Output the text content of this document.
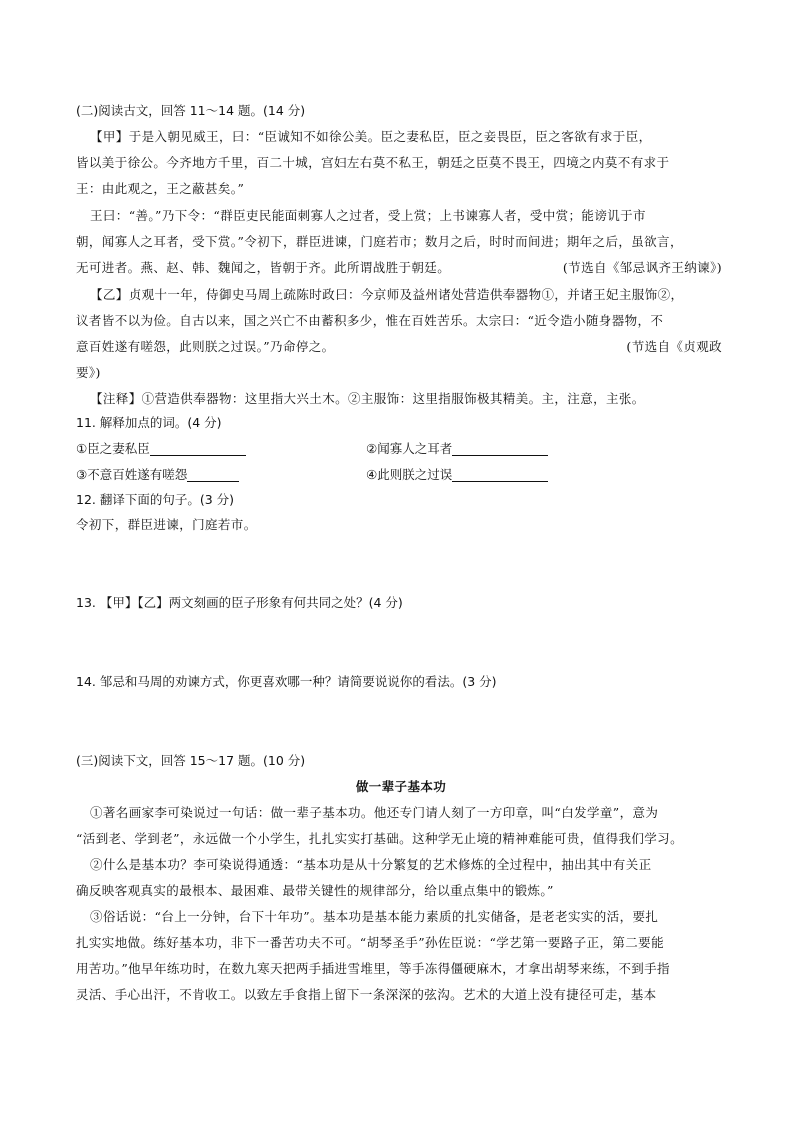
(二)阅读古文，回答 11～14 题。(14 分)
【甲】于是入朝见威王，曰：“臣诚知不如徐公美。臣之妻私臣，臣之妾畏臣，臣之客欲有求于臣，
皆以美于徐公。今齐地方千里，百二十城，宫妇左右莫不私王，朝廷之臣莫不畏王，四境之内莫不有求于
王：由此观之，王之蔽甚矣。”
王曰：“善。”乃下令：“群臣吏民能面刺寡人之过者，受上赏；上书谏寡人者，受中赏；能谤讥于市
朝，闻寡人之耳者，受下赏。”令初下，群臣进谏，门庭若市；数月之后，时时而间进；期年之后，虽欲言，
无可进者。燕、赵、韩、魏闻之，皆朝于齐。此所谓战胜于朝廷。	(节选自《邹忌讽齐王纳谏》)
【乙】贞观十一年，侍御史马周上疏陈时政曰：今京师及益州诸处营造供奉器物①，并诸王妃主服饰②，
议者皆不以为俭。自古以来，国之兴亡不由蓄积多少，惟在百姓苦乐。太宗曰：“近令造小随身器物，不
意百姓遂有嗟怨，此则朕之过误。”乃命停之。	(节选自《贞观政
要》)
【注释】①营造供奉器物：这里指大兴土木。②主服饰：这里指服饰极其精美。主，注意，主张。
11. 解释加点的词。(4 分)
①臣之妻私臣	②闻寡人之耳者
③不意百姓遂有嗟怨	④此则朕之过误
12. 翻译下面的句子。(3 分)
令初下，群臣进谏，门庭若市。
13. 【甲】【乙】两文刻画的臣子形象有何共同之处？(4 分)
14. 邹忌和马周的劝谏方式，你更喜欢哪一种？请简要说说你的看法。(3 分)
(三)阅读下文，回答 15～17 题。(10 分)
做一辈子基本功
①著名画家李可染说过一句话：做一辈子基本功。他还专门请人刻了一方印章，叫“白发学童”，意为
“活到老、学到老”，永远做一个小学生，扎扎实实打基础。这种学无止境的精神难能可贵，值得我们学习。
②什么是基本功？李可染说得通透：“基本功是从十分繁复的艺术修炼的全过程中，抽出其中有关正
确反映客观真实的最根本、最困难、最带关键性的规律部分，给以重点集中的锻炼。”
③俗话说：“台上一分钟，台下十年功”。基本功是基本能力素质的扎实储备，是老老实实的活，要扎
扎实实地做。练好基本功，非下一番苦功夫不可。“胡琴圣手”孙佐臣说：“学艺第一要路子正，第二要能
用苦功。”他早年练功时，在数九寒天把两手插进雪堆里，等手冻得僵硬麻木，才拿出胡琴来练，不到手指
灵活、手心出汗，不肯收工。以致左手食指上留下一条深深的弦沟。艺术的大道上没有捷径可走，基本
